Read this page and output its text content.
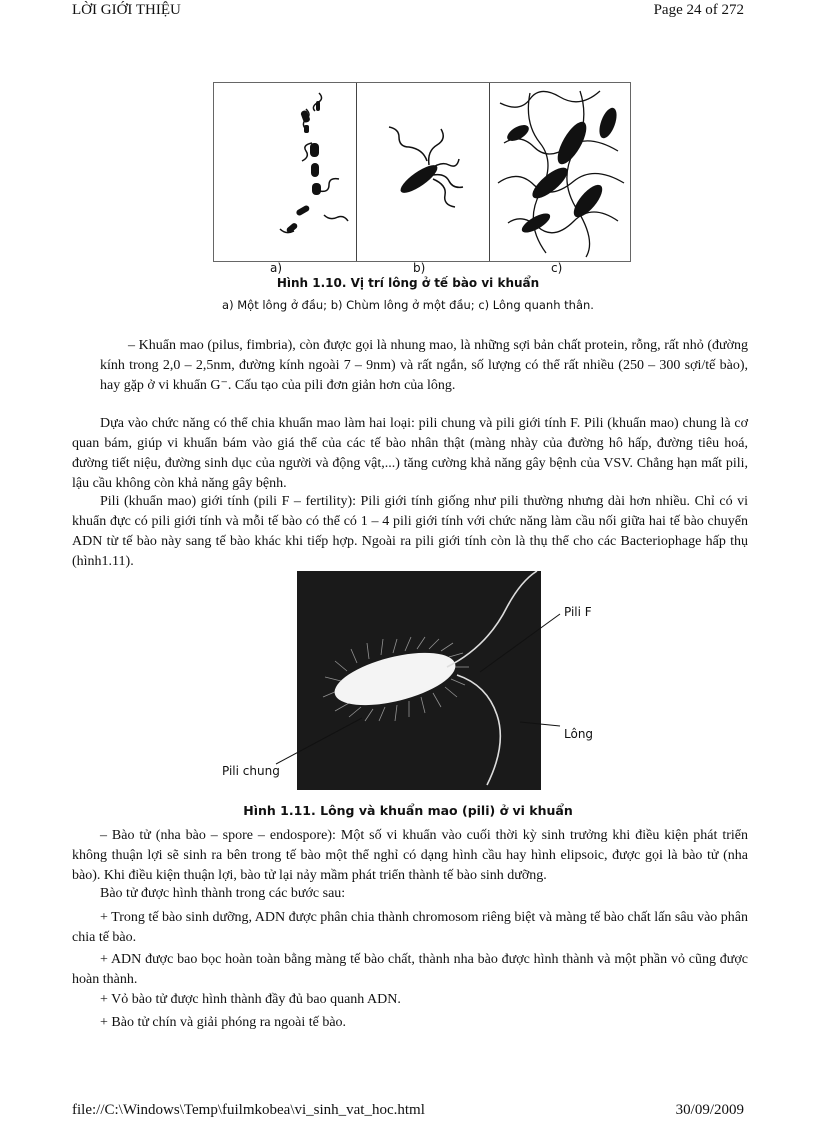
LỜI GIỚI THIỆU	Page 24 of 272
a)	b)	c)
Hình 1.10. Vị trí lông ở tế bào vi khuẩn
a) Một lông ở đầu; b) Chùm lông ở một đầu; c) Lông quanh thân.

– Khuẩn mao (pilus, fimbria), còn được gọi là nhung mao, là những sợi bản chất protein, rỗng, rất nhỏ (đường kính trong 2,0 – 2,5nm, đường kính ngoài 7 – 9nm) và rất ngắn, số lượng có thể rất nhiều (250 – 300 sợi/tế bào), hay gặp ở vi khuẩn G⁻. Cấu tạo của pili đơn giản hơn của lông.

Dựa vào chức năng có thể chia khuẩn mao làm hai loại: pili chung và pili giới tính F. Pili (khuẩn mao) chung là cơ quan bám, giúp vi khuẩn bám vào giá thể của các tế bào nhân thật (màng nhày của đường hô hấp, đường tiêu hoá, đường tiết niệu, đường sinh dục của người và động vật,...) tăng cường khả năng gây bệnh của VSV. Chẳng hạn mất pili, lậu cầu không còn khả năng gây bệnh.

Pili (khuẩn mao) giới tính (pili F – fertility): Pili giới tính giống như pili thường nhưng dài hơn nhiều. Chỉ có vi khuẩn đực có pili giới tính và mỗi tế bào có thể có 1 – 4 pili giới tính với chức năng làm cầu nối giữa hai tế bào chuyển ADN từ tế bào này sang tế bào khác khi tiếp hợp. Ngoài ra pili giới tính còn là thụ thể cho các Bacteriophage hấp thụ (hình1.11).

Pili F
Lông
Pili chung
Hình 1.11. Lông và khuẩn mao (pili) ở vi khuẩn

– Bào tử (nha bào – spore – endospore): Một số vi khuẩn vào cuối thời kỳ sinh trưởng khi điều kiện phát triển không thuận lợi sẽ sinh ra bên trong tế bào một thể nghỉ có dạng hình cầu hay hình elipsoic, được gọi là bào tử (nha bào). Khi điều kiện thuận lợi, bào tử lại nảy mầm phát triển thành tế bào sinh dưỡng.

Bào tử được hình thành trong các bước sau:

+ Trong tế bào sinh dưỡng, ADN được phân chia thành chromosom riêng biệt và màng tế bào chất lấn sâu vào phân chia tế bào.

+ ADN được bao bọc hoàn toàn bằng màng tế bào chất, thành nha bào được hình thành và một phần vỏ cũng được hoàn thành.

+ Vỏ bào tử được hình thành đầy đủ bao quanh ADN.

+ Bào tử chín và giải phóng ra ngoài tế bào.

file://C:\Windows\Temp\fuilmkobea\vi_sinh_vat_hoc.html	30/09/2009
